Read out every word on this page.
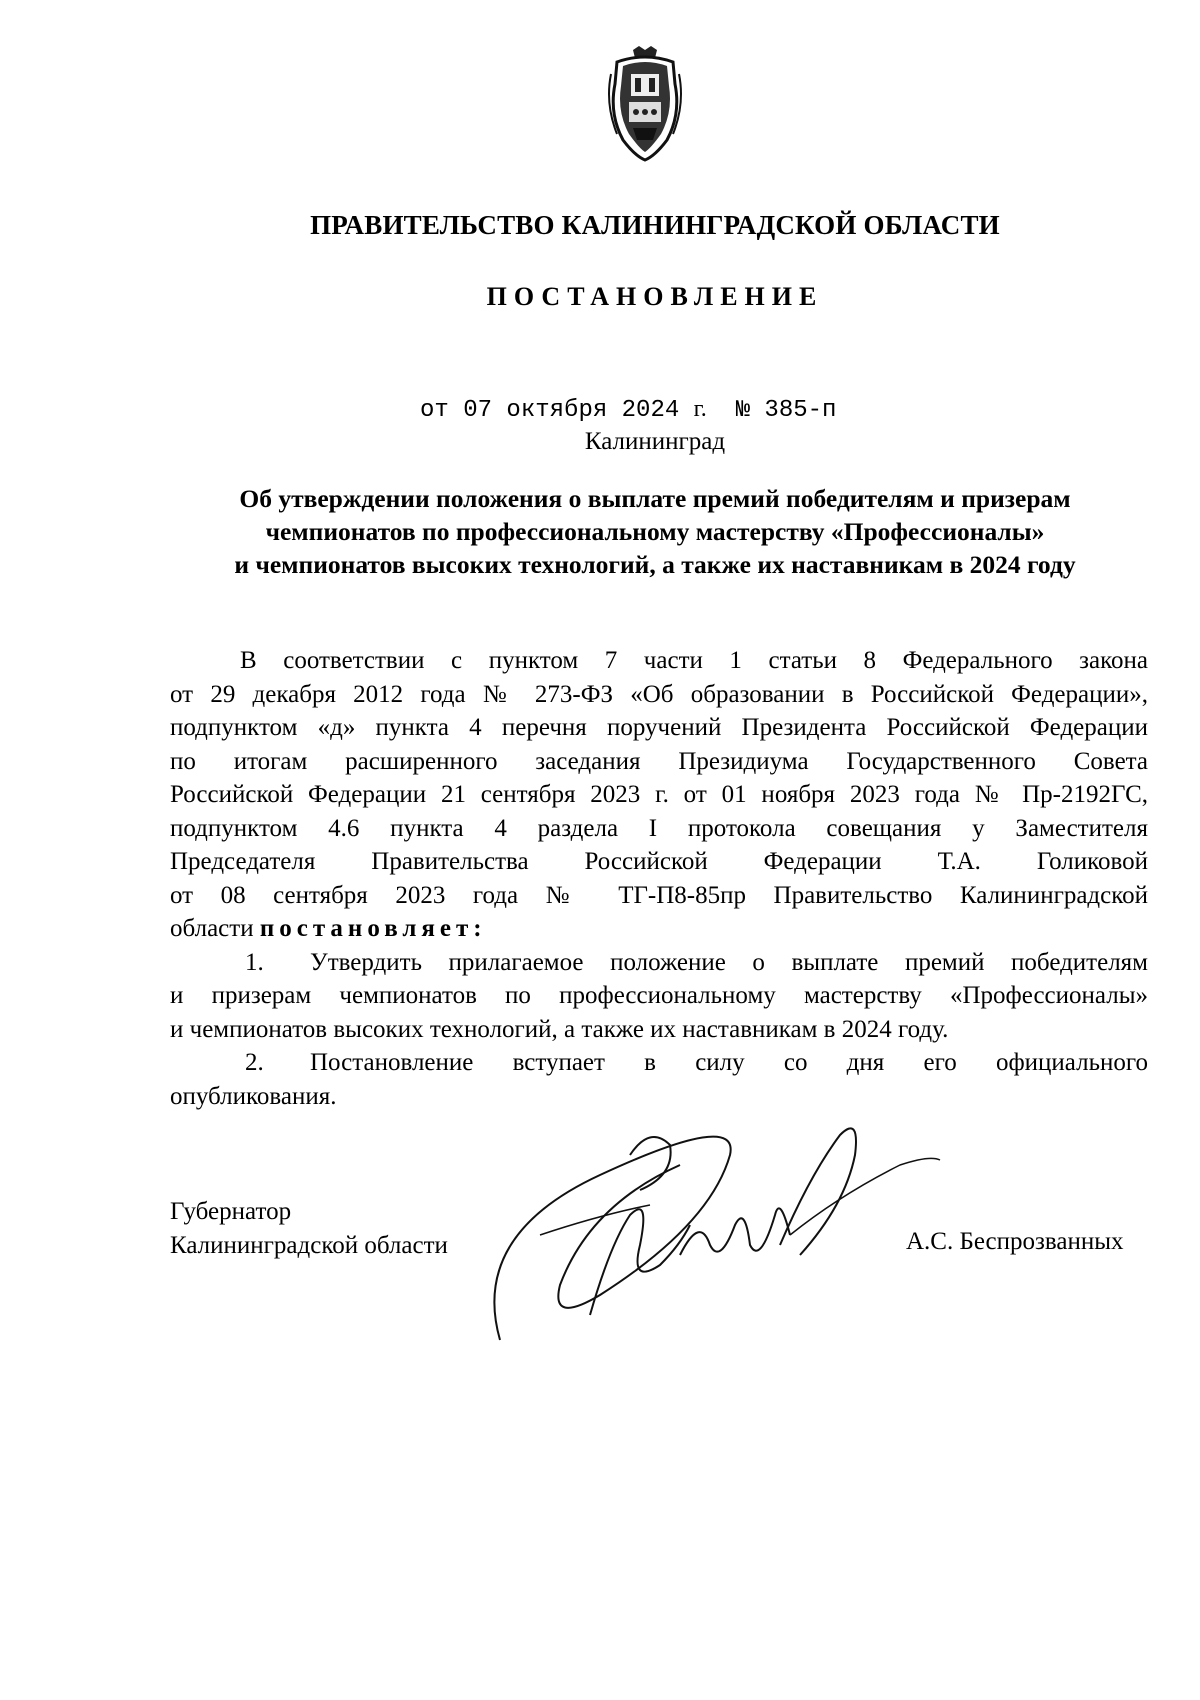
ПРАВИТЕЛЬСТВО КАЛИНИНГРАДСКОЙ ОБЛАСТИ
ПОСТАНОВЛЕНИЕ
от 07 октября 2024 г. № 385-п
Калининград
Об утверждении положения о выплате премий победителям и призерам
чемпионатов по профессиональному мастерству «Профессионалы»
и чемпионатов высоких технологий, а также их наставникам в 2024 году
В соответствии с пунктом 7 части 1 статьи 8 Федерального закона
от 29 декабря 2012 года № 273-ФЗ «Об образовании в Российской Федерации»,
подпунктом «д» пункта 4 перечня поручений Президента Российской Федерации
по итогам расширенного заседания Президиума Государственного Совета
Российской Федерации 21 сентября 2023 г. от 01 ноября 2023 года № Пр-2192ГС,
подпунктом 4.6 пункта 4 раздела I протокола совещания у Заместителя
Председателя Правительства Российской Федерации Т.А. Голиковой
от 08 сентября 2023 года № ТГ-П8-85пр Правительство Калининградской
области постановляет:
1. Утвердить прилагаемое положение о выплате премий победителям
и призерам чемпионатов по профессиональному мастерству «Профессионалы»
и чемпионатов высоких технологий, а также их наставникам в 2024 году.
2. Постановление вступает в силу со дня его официального
опубликования.
Губернатор
Калининградской области	А.С. Беспрозванных
